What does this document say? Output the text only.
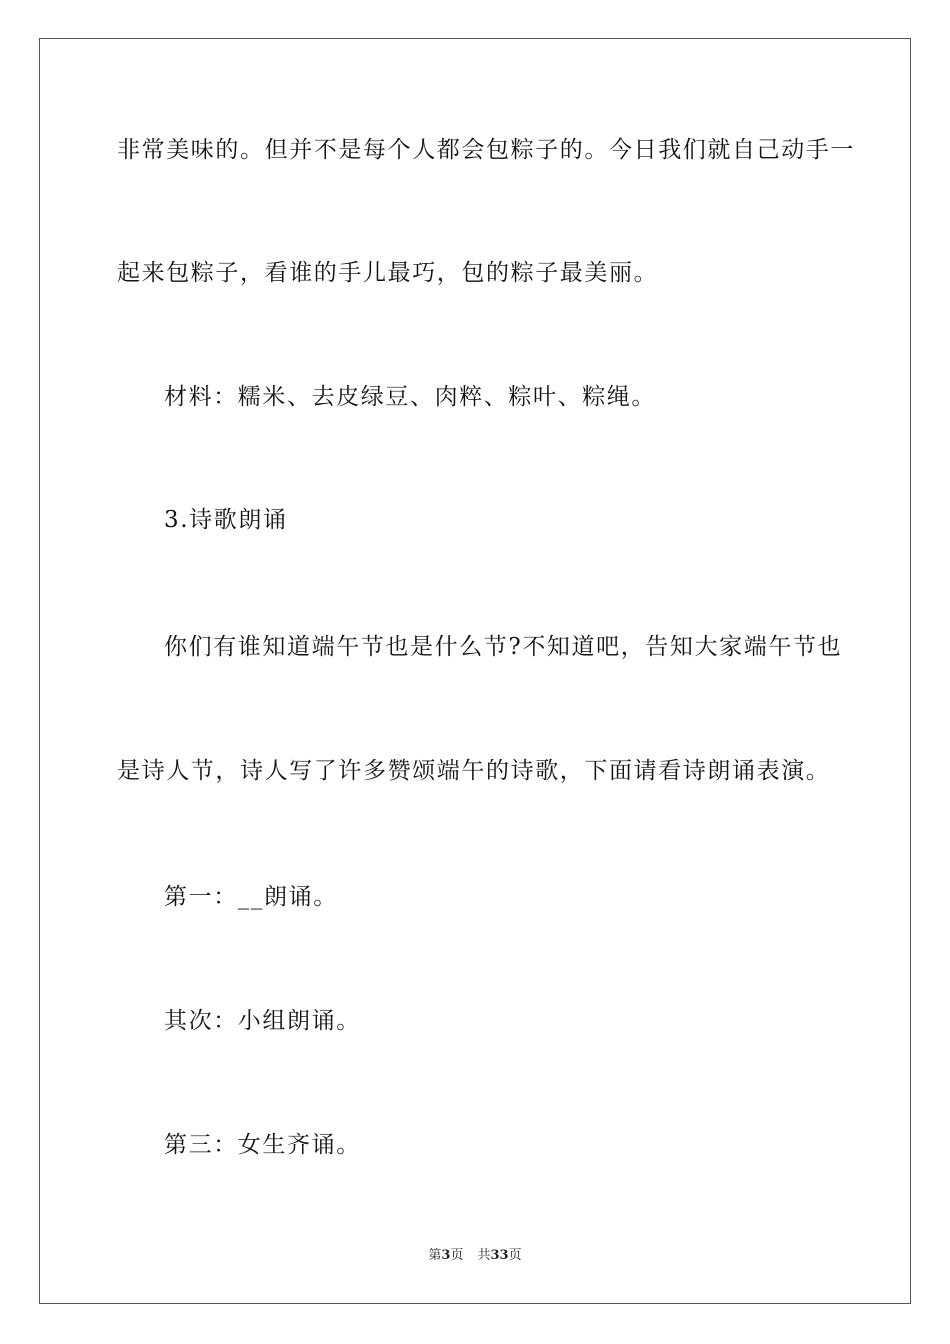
非常美味的。但并不是每个人都会包粽子的。今日我们就自己动手一
起来包粽子，看谁的手儿最巧，包的粽子最美丽。
材料：糯米、去皮绿豆、肉粹、粽叶、粽绳。
3.诗歌朗诵
你们有谁知道端午节也是什么节?不知道吧，告知大家端午节也
是诗人节，诗人写了许多赞颂端午的诗歌，下面请看诗朗诵表演。
第一：__朗诵。
其次：小组朗诵。
第三：女生齐诵。
第3页 共33页
